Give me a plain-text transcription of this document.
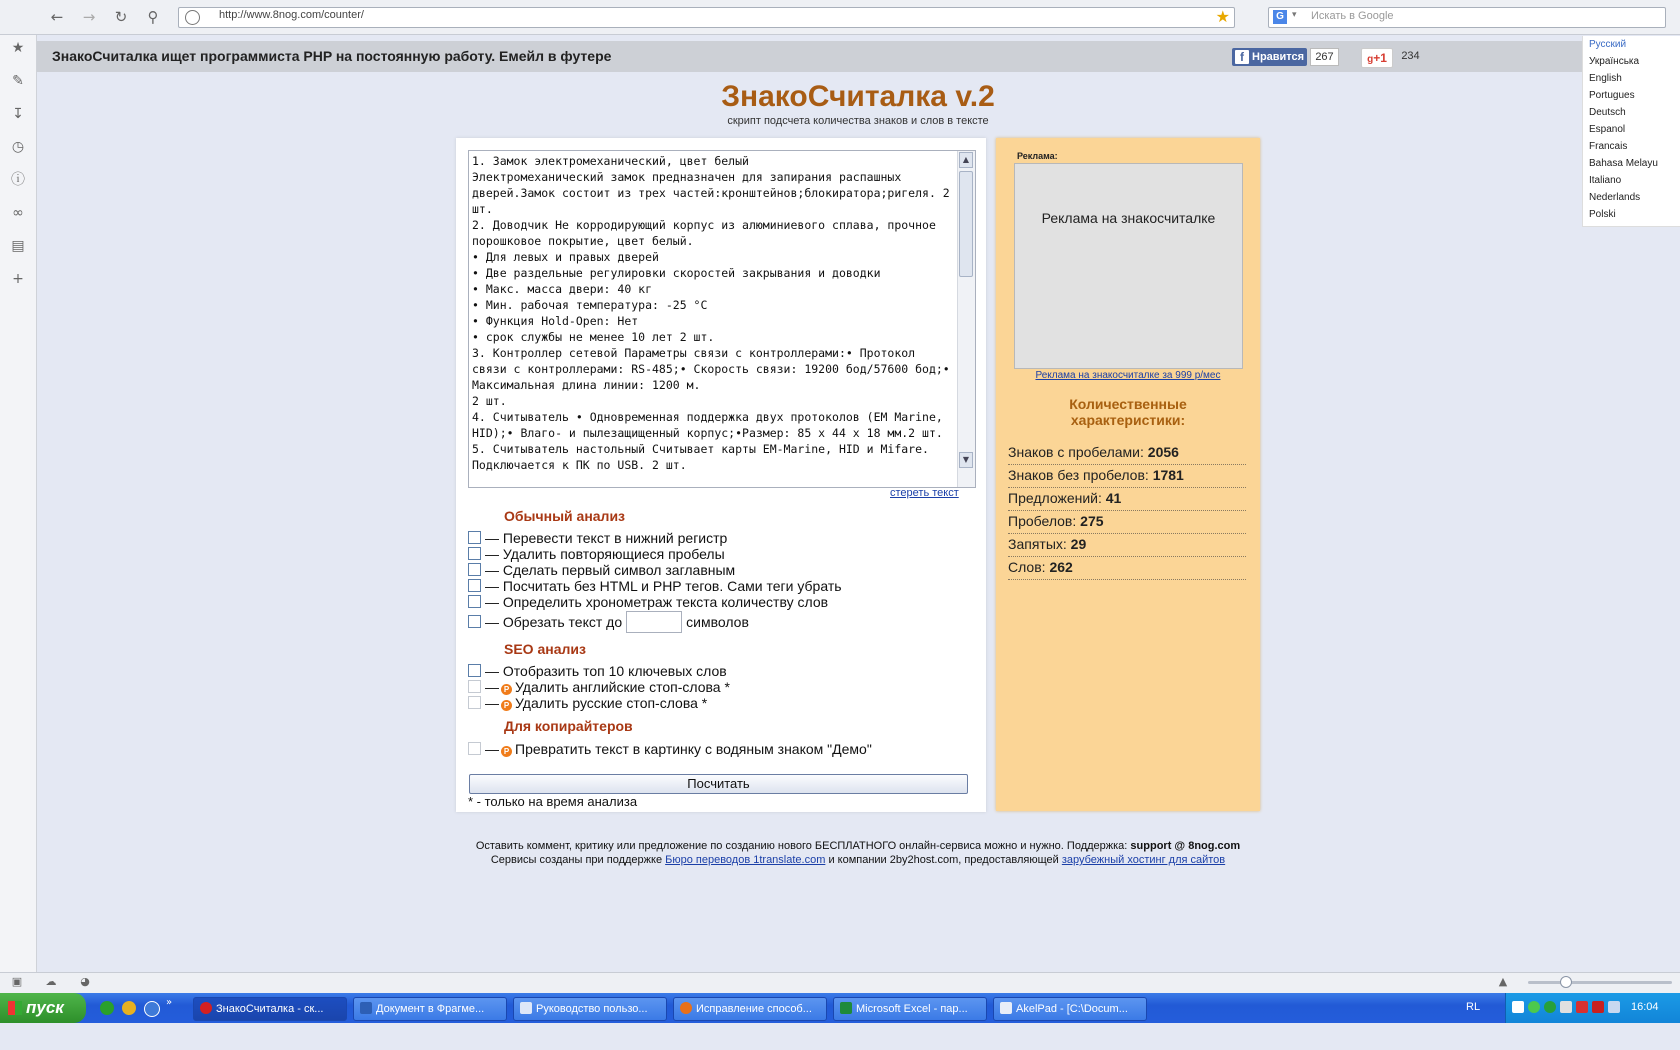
← → ↻ ⚲	http://www.8nog.com/counter/	★	G ▾ Искать в Google
★
✎
↧
◷
ⓘ
∞
▤
+
ЗнакоСчиталка ищет программиста PHP на постоянную работу. Емейл в футере	f Нравится	267	g+1	234
Русский
Українська
English
Portugues
Deutsch
Espanol
Francais
Bahasa Melayu
Italiano
Nederlands
Polski
ЗнакоСчиталка v.2
скрипт подсчета количества знаков и слов в тексте
1. Замок электромеханический, цвет белый
Электромеханический замок предназначен для запирания распашных дверей.Замок состоит из трех частей:кронштейнов;блокиратора;ригеля. 2 шт.
2. Доводчик Не корродирующий корпус из алюминиевого сплава, прочное порошковое покрытие, цвет белый.
• Для левых и правых дверей
• Две раздельные регулировки скоростей закрывания и доводки
• Макс. масса двери: 40 кг
• Мин. рабочая температура: -25 °С
• Функция Hold-Open: Нет
• срок службы не менее 10 лет 2 шт.
3. Контроллер сетевой Параметры связи с контроллерами:• Протокол связи с контроллерами: RS-485;• Скорость связи: 19200 бод/57600 бод;• Максимальная длина линии: 1200 м.
2 шт.
4. Считыватель • Одновременная поддержка двух протоколов (EM Marine, HID);• Влаго- и пылезащищенный корпус;•Размер: 85 х 44 х 18 мм.2 шт.
5. Считыватель настольный Считывает карты EM-Marine, HID и Mifare. Подключается к ПК по USB. 2 шт.
▲
▼
стереть текст
Обычный анализ
— Перевести текст в нижний регистр
— Удалить повторяющиеся пробелы
— Сделать первый символ заглавным
— Посчитать без HTML и PHP тегов. Сами теги убрать
— Определить хронометраж текста количеству слов
— Обрезать текст до	символов
SEO анализ
— Отобразить топ 10 ключевых слов
— P Удалить английские стоп-слова *
— P Удалить русские стоп-слова *
Для копирайтеров
— P Превратить текст в картинку с водяным знаком "Демо"
Посчитать
* - только на время анализа
Реклама:
Реклама на знакосчиталке
Реклама на знакосчиталке за 999 р/мес
Количественные
характеристики:
Знаков с пробелами: 2056
Знаков без пробелов: 1781
Предложений: 41
Пробелов: 275
Запятых: 29
Слов: 262
Оставить коммент, критику или предложение по созданию нового БЕСПЛАТНОГО онлайн-сервиса можно и нужно. Поддержка: support @ 8nog.com
Сервисы созданы при поддержке Бюро переводов 1translate.com и компании 2by2host.com, предоставляющей зарубежный хостинг для сайтов
▣ ☁ ◕	▲
пуск	»
ЗнакоСчиталка - ск...	Документ в Фрагме...	Руководство пользо...	Исправление способ...	Microsoft Excel - пар...	AkelPad - [C:\Docum...	RL	16:04
